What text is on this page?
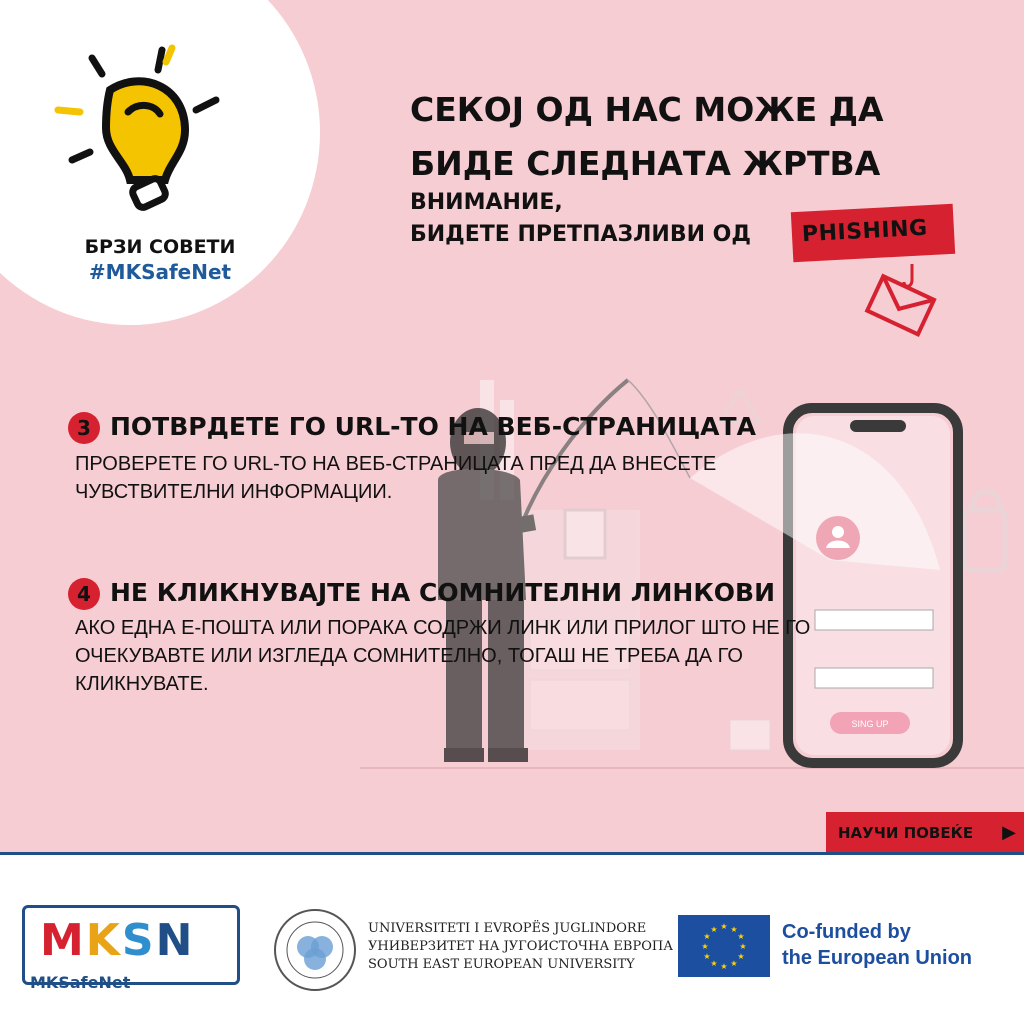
БРЗИ СОВЕТИ
#MKSafeNet
СЕКОЈ ОД НАС МОЖЕ ДА
БИДЕ СЛЕДНАТА ЖРТВА
ВНИМАНИЕ,
БИДЕТЕ ПРЕТПАЗЛИВИ ОД PHISHING
SING UP
3 ПОТВРДЕТЕ ГО URL-ТО НА ВЕБ-СТРАНИЦАТА
ПРОВЕРЕТЕ ГО URL-ТО НА ВЕБ-СТРАНИЦАТА ПРЕД ДА ВНЕСЕТЕ ЧУВСТВИТЕЛНИ ИНФОРМАЦИИ.
4 НЕ КЛИКНУВАЈТЕ НА СОМНИТЕЛНИ ЛИНКОВИ
АКО ЕДНА Е-ПОШТА ИЛИ ПОРАКА СОДРЖИ ЛИНК ИЛИ ПРИЛОГ ШТО НЕ ГО ОЧЕКУВАВТЕ ИЛИ ИЗГЛЕДА СОМНИТЕЛНО, ТОГАШ НЕ ТРЕБА ДА ГО КЛИКНУВАТЕ.
НАУЧИ ПОВЕЌЕ ▶
MKSN
MKSafeNet
UNIVERSITETI I EVROPËS JUGLINDORE
УНИВЕРЗИТЕТ НА ЈУГОИСТОЧНА ЕВРОПА
SOUTH EAST EUROPEAN UNIVERSITY
★ ★
★
★
★
★
★
★
★
★
★
★	Co-funded by
the European Union
